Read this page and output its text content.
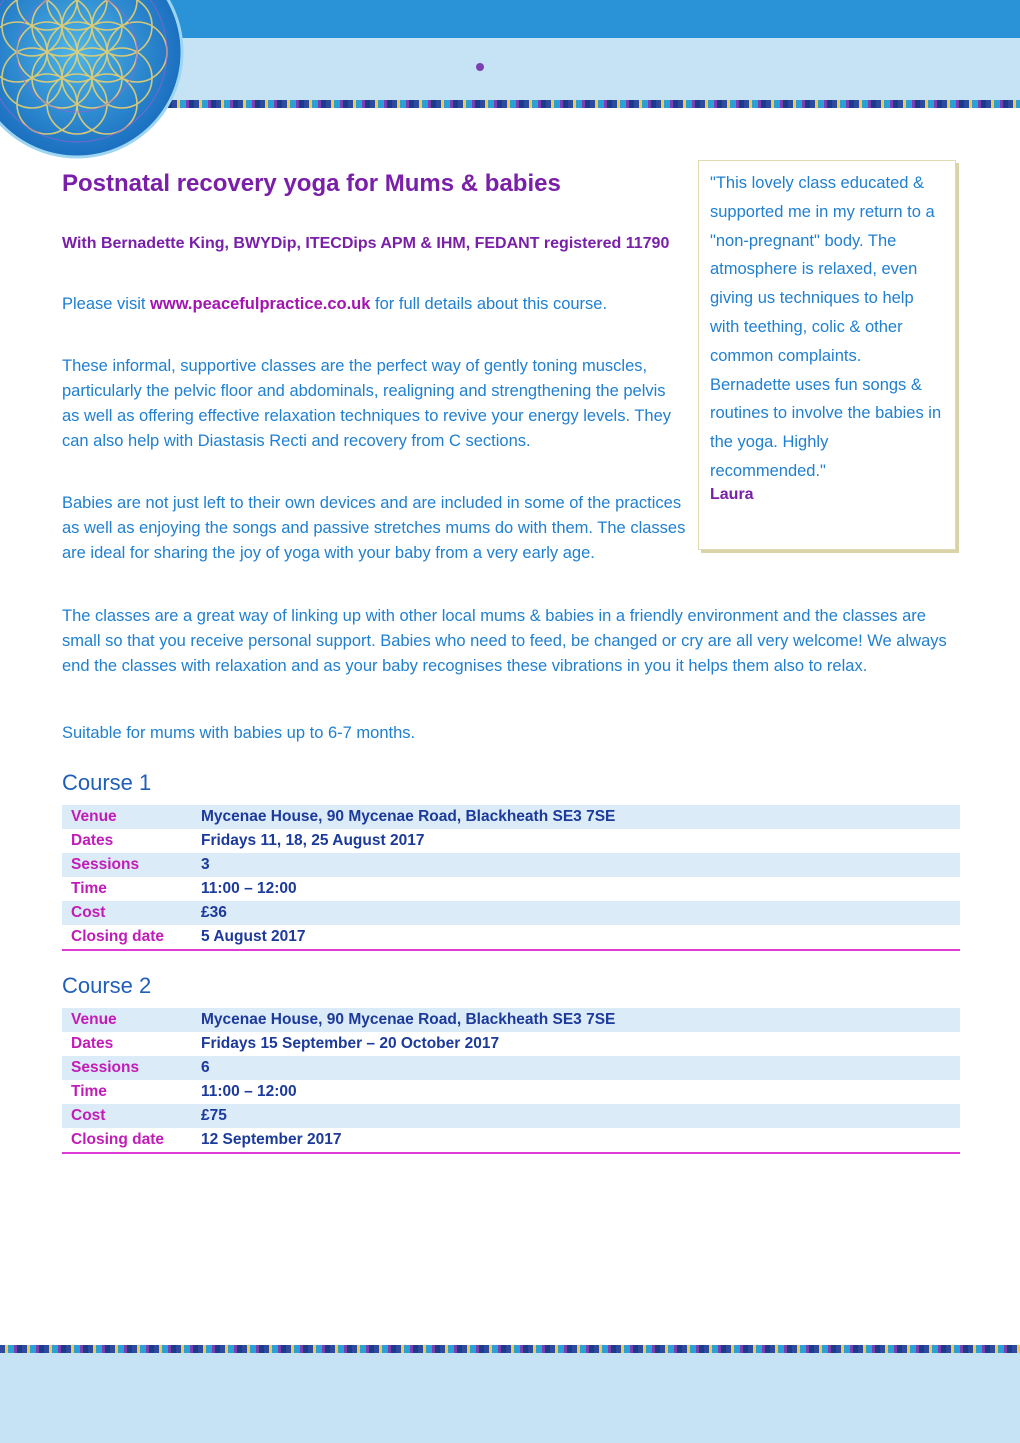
Postnatal recovery yoga for Mums & babies

With Bernadette King, BWYDip, ITECDips APM & IHM, FEDANT registered 11790

Please visit www.peacefulpractice.co.uk for full details about this course.

These informal, supportive classes are the perfect way of gently toning muscles, particularly the pelvic floor and abdominals, realigning and strengthening the pelvis as well as offering effective relaxation techniques to revive your energy levels. They can also help with Diastasis Recti and recovery from C sections.

Babies are not just left to their own devices and are included in some of the practices as well as enjoying the songs and passive stretches mums do with them. The classes are ideal for sharing the joy of yoga with your baby from a very early age.

The classes are a great way of linking up with other local mums & babies in a friendly environment and the classes are small so that you receive personal support. Babies who need to feed, be changed or cry are all very welcome! We always end the classes with relaxation and as your baby recognises these vibrations in you it helps them also to relax.

Suitable for mums with babies up to 6-7 months.

"This lovely class educated & supported me in my return to a "non-pregnant" body. The atmosphere is relaxed, even giving us techniques to help with teething, colic & other common complaints. Bernadette uses fun songs & routines to involve the babies in the yoga. Highly recommended."

Laura

Course 1
Venue	Mycenae House, 90 Mycenae Road, Blackheath SE3 7SE
Dates	Fridays 11, 18, 25 August 2017
Sessions	3
Time	11:00 – 12:00
Cost	£36
Closing date	5 August 2017
Course 2
Venue	Mycenae House, 90 Mycenae Road, Blackheath SE3 7SE
Dates	Fridays 15 September – 20 October 2017
Sessions	6
Time	11:00 – 12:00
Cost	£75
Closing date	12 September 2017
